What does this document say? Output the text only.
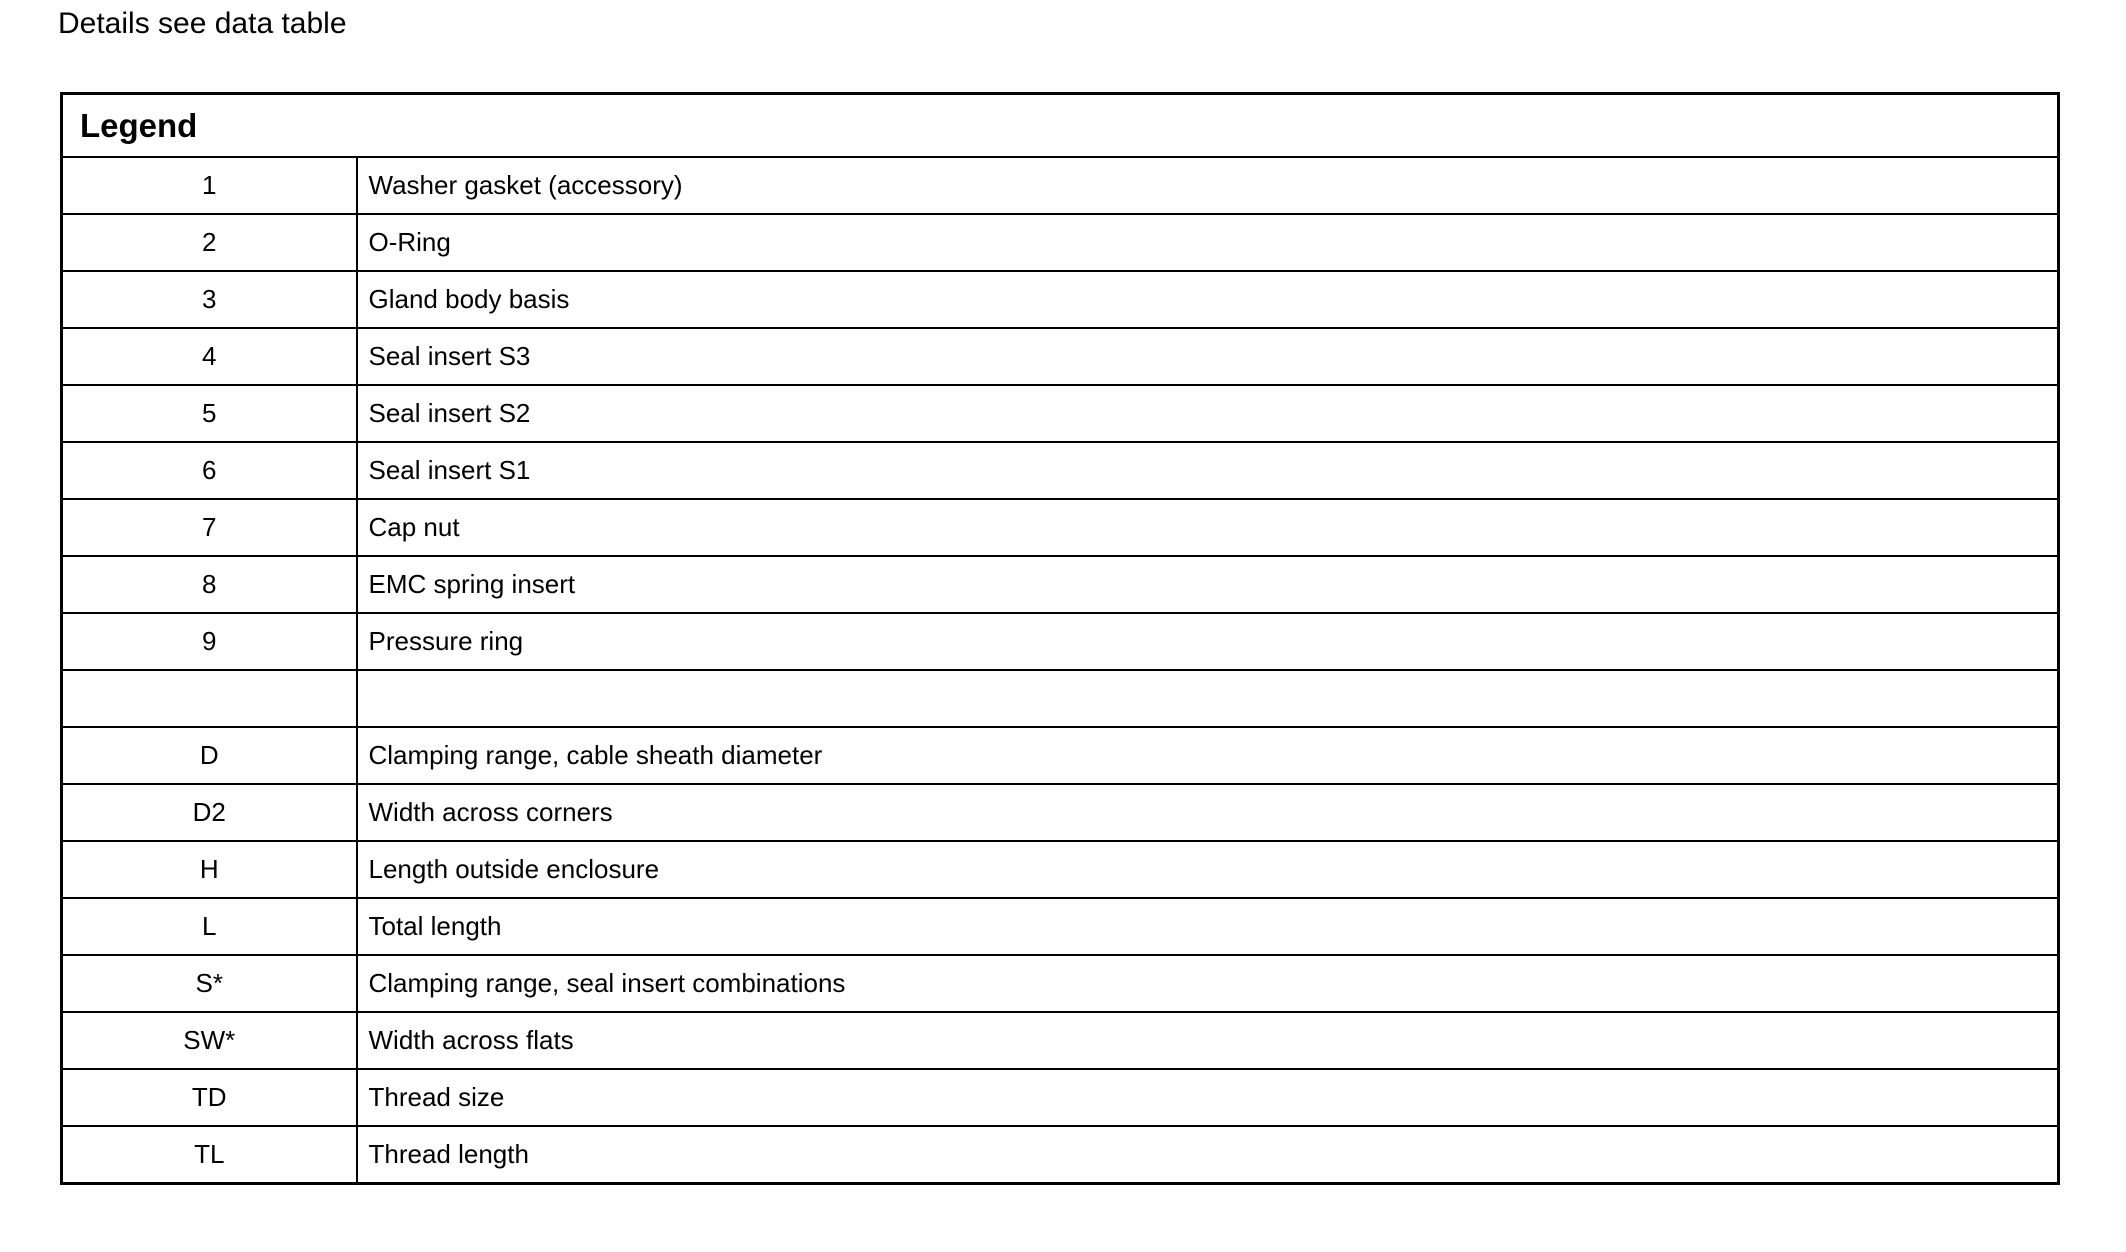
Details see data table
Legend	
1	Washer gasket (accessory)
2	O-Ring
3	Gland body basis
4	Seal insert S3
5	Seal insert S2
6	Seal insert S1
7	Cap nut
8	EMC spring insert
9	Pressure ring

D	Clamping range, cable sheath diameter
D2	Width across corners
H	Length outside enclosure
L	Total length
S*	Clamping range, seal insert combinations
SW*	Width across flats
TD	Thread size
TL	Thread length
